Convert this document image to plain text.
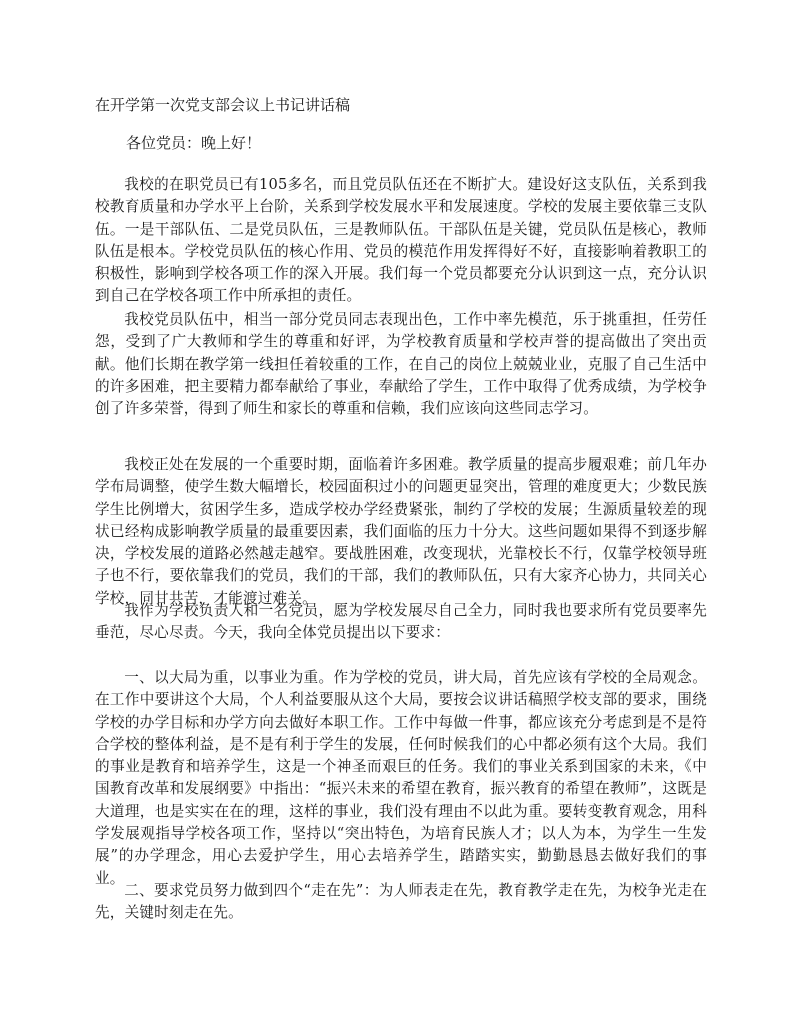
在开学第一次党支部会议上书记讲话稿

各位党员：晚上好！

我校的在职党员已有105多名，而且党员队伍还在不断扩大。建设好这支队伍，关系到我校教育质量和办学水平上台阶，关系到学校发展水平和发展速度。学校的发展主要依靠三支队伍。一是干部队伍、二是党员队伍，三是教师队伍。干部队伍是关键，党员队伍是核心，教师队伍是根本。学校党员队伍的核心作用、党员的模范作用发挥得好不好，直接影响着教职工的积极性，影响到学校各项工作的深入开展。我们每一个党员都要充分认识到这一点，充分认识到自己在学校各项工作中所承担的责任。

我校党员队伍中，相当一部分党员同志表现出色，工作中率先模范，乐于挑重担，任劳任怨，受到了广大教师和学生的尊重和好评，为学校教育质量和学校声誉的提高做出了突出贡献。他们长期在教学第一线担任着较重的工作，在自己的岗位上兢兢业业，克服了自己生活中的许多困难，把主要精力都奉献给了事业，奉献给了学生，工作中取得了优秀成绩，为学校争创了许多荣誉，得到了师生和家长的尊重和信赖，我们应该向这些同志学习。

我校正处在发展的一个重要时期，面临着许多困难。教学质量的提高步履艰难；前几年办学布局调整，使学生数大幅增长，校园面积过小的问题更显突出，管理的难度更大；少数民族学生比例增大，贫困学生多，造成学校办学经费紧张，制约了学校的发展；生源质量较差的现状已经构成影响教学质量的最重要因素，我们面临的压力十分大。这些问题如果得不到逐步解决，学校发展的道路必然越走越窄。要战胜困难，改变现状，光靠校长不行，仅靠学校领导班子也不行，要依靠我们的党员，我们的干部，我们的教师队伍，只有大家齐心协力，共同关心学校，同甘共苦，才能渡过难关。

我作为学校负责人和一名党员，愿为学校发展尽自己全力，同时我也要求所有党员要率先垂范，尽心尽责。今天，我向全体党员提出以下要求：

一、以大局为重，以事业为重。作为学校的党员，讲大局，首先应该有学校的全局观念。在工作中要讲这个大局，个人利益要服从这个大局，要按会议讲话稿照学校支部的要求，围绕学校的办学目标和办学方向去做好本职工作。工作中每做一件事，都应该充分考虑到是不是符合学校的整体利益，是不是有利于学生的发展，任何时候我们的心中都必须有这个大局。我们的事业是教育和培养学生，这是一个神圣而艰巨的任务。我们的事业关系到国家的未来，《中国教育改革和发展纲要》中指出：“振兴未来的希望在教育，振兴教育的希望在教师”，这既是大道理，也是实实在在的理，这样的事业，我们没有理由不以此为重。要转变教育观念，用科学发展观指导学校各项工作，坚持以“突出特色，为培育民族人才；以人为本，为学生一生发展”的办学理念，用心去爱护学生，用心去培养学生，踏踏实实，勤勤恳恳去做好我们的事业。

二、要求党员努力做到四个“走在先”：为人师表走在先，教育教学走在先，为校争光走在先，关键时刻走在先。
